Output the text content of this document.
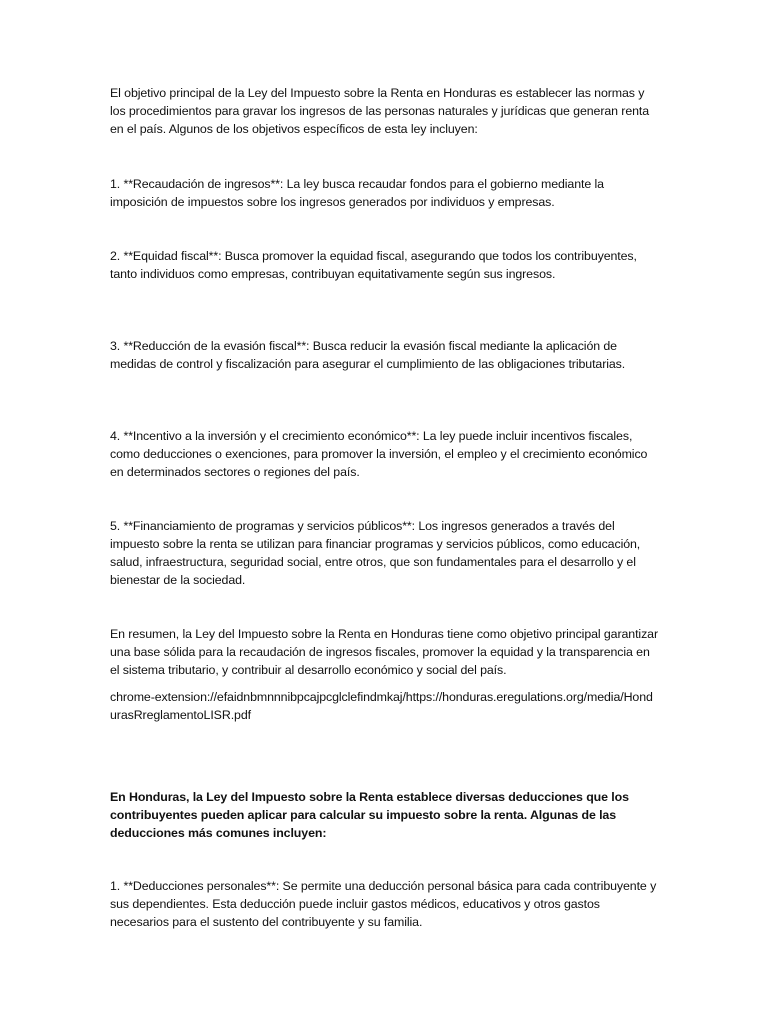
El objetivo principal de la Ley del Impuesto sobre la Renta en Honduras es establecer las normas y los procedimientos para gravar los ingresos de las personas naturales y jurídicas que generan renta en el país. Algunos de los objetivos específicos de esta ley incluyen:

1. **Recaudación de ingresos**: La ley busca recaudar fondos para el gobierno mediante la imposición de impuestos sobre los ingresos generados por individuos y empresas.

2. **Equidad fiscal**: Busca promover la equidad fiscal, asegurando que todos los contribuyentes, tanto individuos como empresas, contribuyan equitativamente según sus ingresos.

3. **Reducción de la evasión fiscal**: Busca reducir la evasión fiscal mediante la aplicación de medidas de control y fiscalización para asegurar el cumplimiento de las obligaciones tributarias.

4. **Incentivo a la inversión y el crecimiento económico**: La ley puede incluir incentivos fiscales, como deducciones o exenciones, para promover la inversión, el empleo y el crecimiento económico en determinados sectores o regiones del país.

5. **Financiamiento de programas y servicios públicos**: Los ingresos generados a través del impuesto sobre la renta se utilizan para financiar programas y servicios públicos, como educación, salud, infraestructura, seguridad social, entre otros, que son fundamentales para el desarrollo y el bienestar de la sociedad.

En resumen, la Ley del Impuesto sobre la Renta en Honduras tiene como objetivo principal garantizar una base sólida para la recaudación de ingresos fiscales, promover la equidad y la transparencia en el sistema tributario, y contribuir al desarrollo económico y social del país.

chrome-extension://efaidnbmnnnibpcajpcglclefindmkaj/https://honduras.eregulations.org/media/HondurasRreglamentoLISR.pdf

En Honduras, la Ley del Impuesto sobre la Renta establece diversas deducciones que los contribuyentes pueden aplicar para calcular su impuesto sobre la renta. Algunas de las deducciones más comunes incluyen:

1. **Deducciones personales**: Se permite una deducción personal básica para cada contribuyente y sus dependientes. Esta deducción puede incluir gastos médicos, educativos y otros gastos necesarios para el sustento del contribuyente y su familia.
